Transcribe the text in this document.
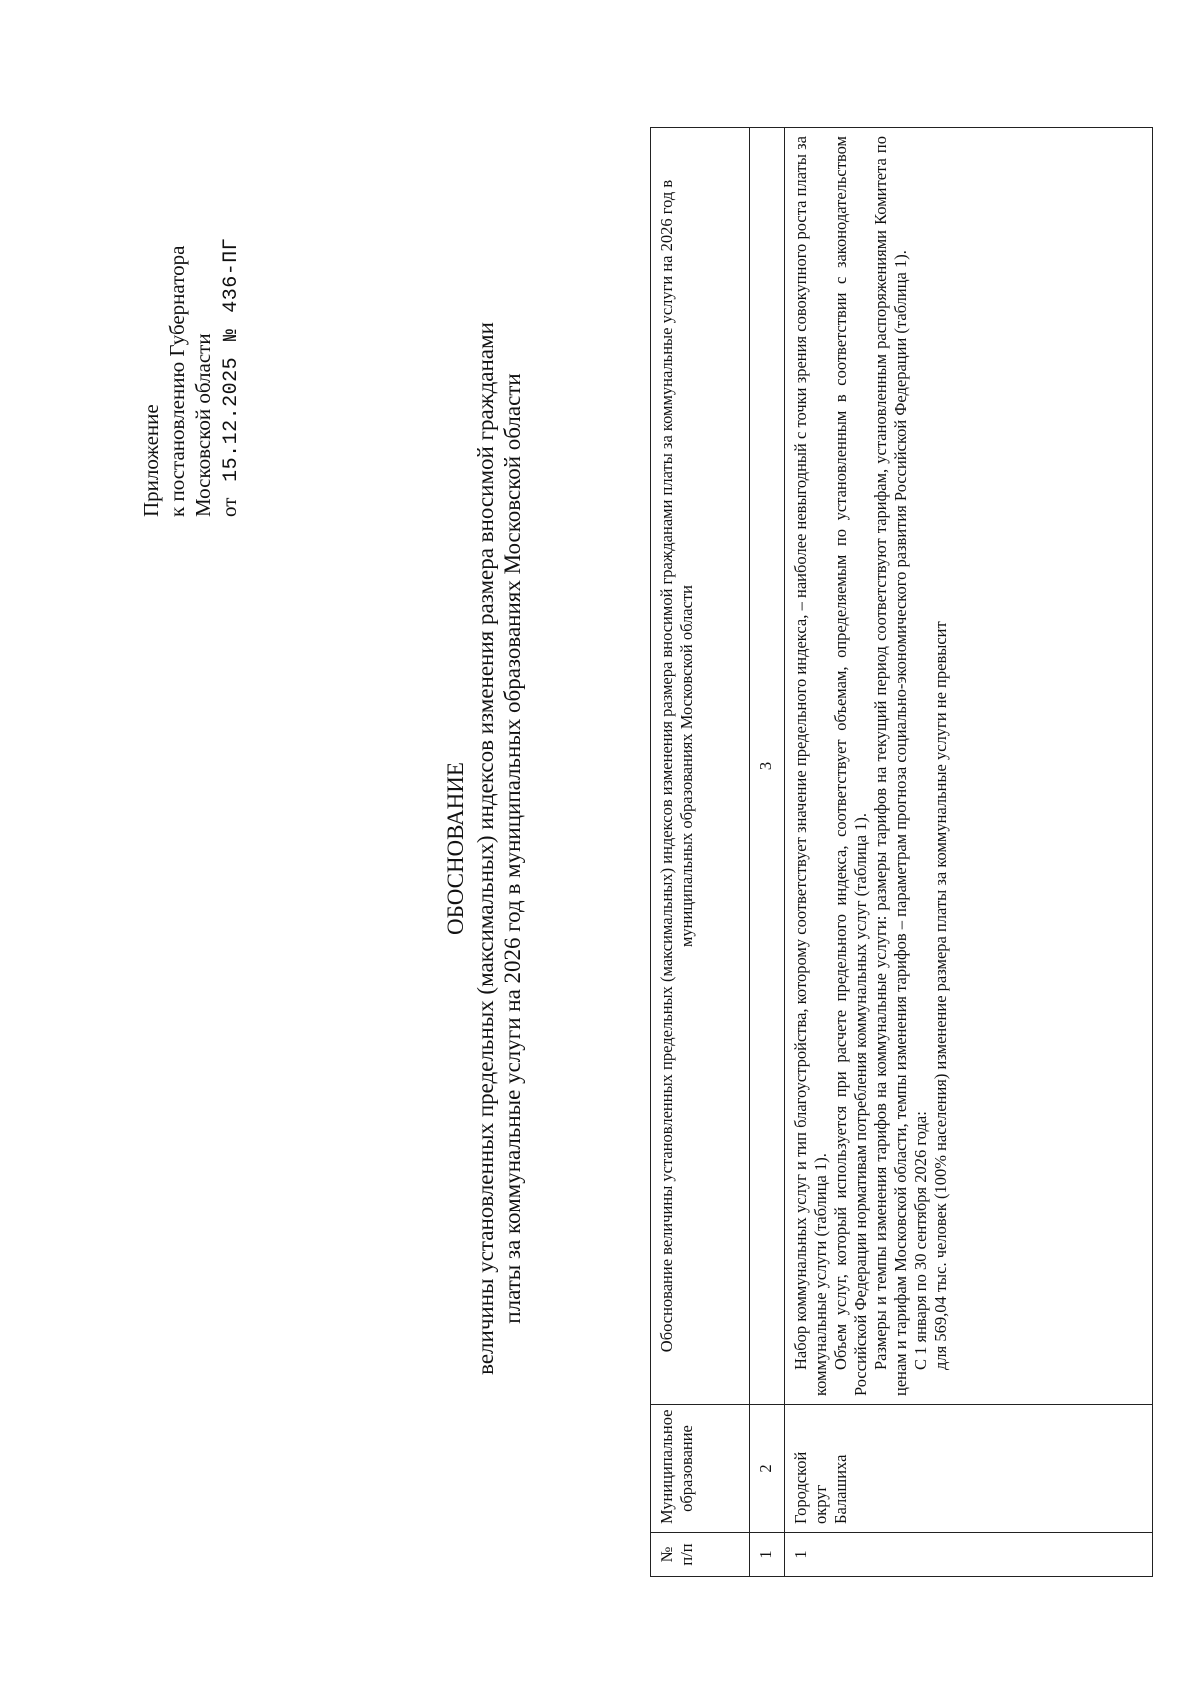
Приложение к постановлению Губернатора Московской области от   15.12.2025   №   436-ПГ
ОБОСНОВАНИЕ величины установленных предельных (максимальных) индексов изменения размера вносимой гражданами платы за коммунальные услуги на 2026 год в муниципальных образованиях Московской области
№ п/п	Муниципальное образование	Обоснование величины установленных предельных (максимальных) индексов изменения размера вносимой гражданами платы за коммунальные услуги на 2026 год в муниципальных образованиях Московской области
1	2	3
1	Городской округ Балашиха	Набор коммунальных услуг и тип благоустройства, которому соответствует значение предельного индекса, – наиболее невыгодный с точки зрения совокупного роста платы за коммунальные услуги (таблица 1). Объем услуг, который используется при расчете предельного индекса, соответствует объемам, определяемым по установленным в соответствии с законодательством Российской Федерации нормативам потребления коммунальных услуг (таблица 1). Размеры и темпы изменения тарифов на коммунальные услуги: размеры тарифов на текущий период соответствуют тарифам, установленным распоряжениями Комитета по ценам и тарифам Московской области, темпы изменения тарифов – параметрам прогноза социально-экономического развития Российской Федерации (таблица 1). С 1 января по 30 сентября 2026 года: для 569,04 тыс. человек (100% населения) изменение размера платы за коммунальные услуги не превысит
